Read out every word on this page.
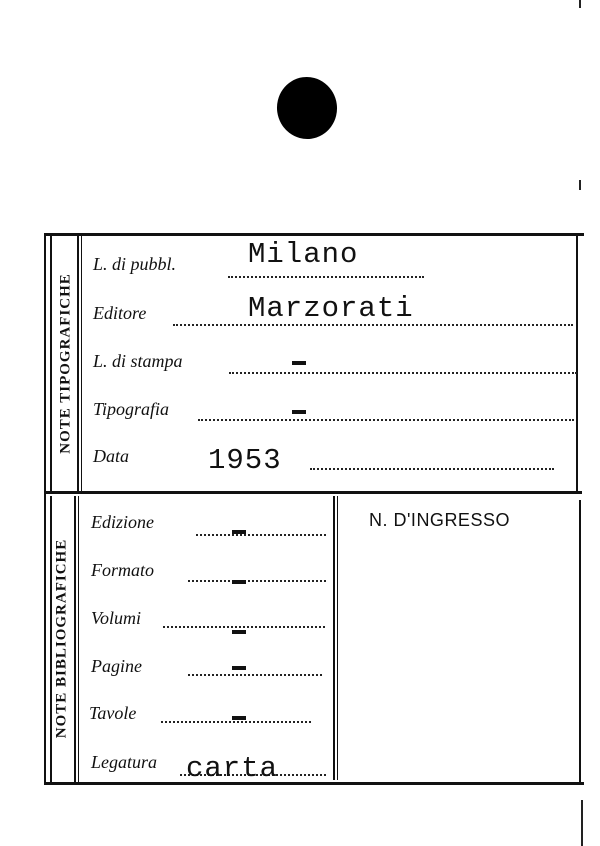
NOTE TIPOGRAFICHE
NOTE BIBLIOGRAFICHE
L. di pubbl. Milano
Editore	Marzorati
L. di stampa
Tipografia
Data	1953
Edizione
Formato
Volumi
Pagine
Tavole
Legatura carta
N. D'INGRESSO
